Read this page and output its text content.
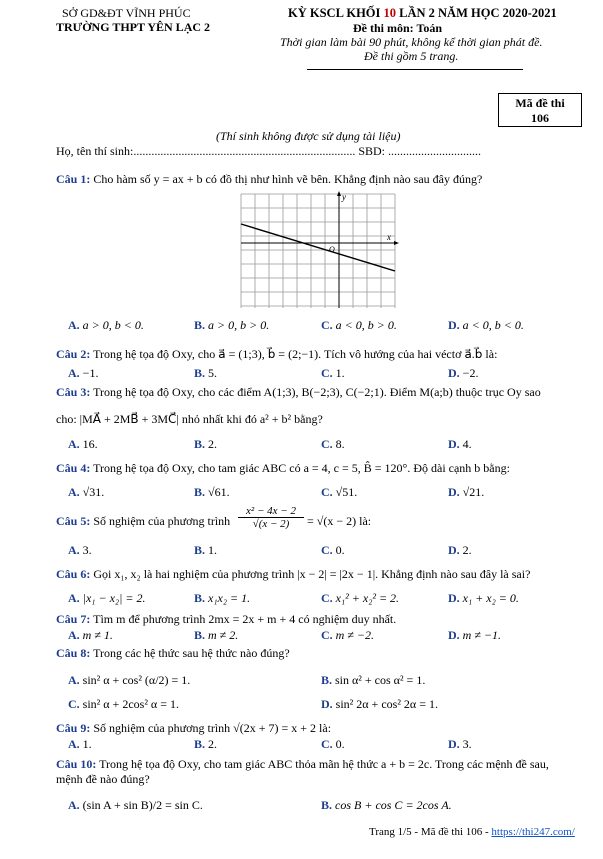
SỞ GD&ĐT VĨNH PHÚC
TRƯỜNG THPT YÊN LẠC 2
KỲ KSCL KHỐI 10 LẦN 2 NĂM HỌC 2020-2021
Đề thi môn: Toán
Thời gian làm bài 90 phút, không kể thời gian phát đề.
Đề thi gồm 5 trang.
Mã đề thi
106
(Thí sinh không được sử dụng tài liệu)
Họ, tên thí sinh:.......................................................................... SBD: ...............................
Câu 1: Cho hàm số y = ax + b có đồ thị như hình vẽ bên. Khẳng định nào sau đây đúng?
y
x
O
A. a > 0, b < 0.	B. a > 0, b > 0.	C. a < 0, b > 0.	D. a < 0, b < 0.
Câu 2: Trong hệ tọa độ Oxy, cho a⃗ = (1;3), b⃗ = (2;−1). Tích vô hướng của hai véctơ a⃗.b⃗ là:
A. −1.	B. 5.	C. 1.	D. −2.
Câu 3: Trong hệ tọa độ Oxy, cho các điểm A(1;3), B(−2;3), C(−2;1). Điểm M(a;b) thuộc trục Oy sao
cho: |MA⃗ + 2MB⃗ + 3MC⃗| nhỏ nhất khi đó a² + b² bằng?
A. 16.	B. 2.	C. 8.	D. 4.
Câu 4: Trong hệ tọa độ Oxy, cho tam giác ABC có a = 4, c = 5, B̂ = 120°. Độ dài cạnh b bằng:
A. √31.	B. √61.	C. √51.	D. √21.
Câu 5: Số nghiệm của phương trình $\frac{\text{x² − 4x − 2}}{√(x - 2)} = √(x - 2)$ là:
A. 3.	B. 1.	C. 0.	D. 2.
Câu 6: Gọi x₁, x₂ là hai nghiệm của phương trình |x − 2| = |2x − 1|. Khẳng định nào sau đây là sai?
A. |x₁ − x₂| = 2.	B. x₁x₂ = 1.	C. x₁² + x₂² = 2.	D. x₁ + x₂ = 0.
Câu 7: Tìm m để phương trình 2mx = 2x + m + 4 có nghiệm duy nhất.
A. m ≠ 1.	B. m ≠ 2.	C. m ≠ −2.	D. m ≠ −1.
Câu 8: Trong các hệ thức sau hệ thức nào đúng?
A. sin² α + cos² (α/2) = 1.	B. sin α² + cos α² = 1.
C. sin² α + 2cos² α = 1.	D. sin² 2α + cos² 2α = 1.
Câu 9: Số nghiệm của phương trình √(2x + 7) = x + 2 là:
A. 1.	B. 2.	C. 0.	D. 3.
Câu 10: Trong hệ tọa độ Oxy, cho tam giác ABC thỏa mãn hệ thức a + b = 2c. Trong các mệnh đề sau,
mệnh đề nào đúng?
A. (sin A + sin B)/2 = sin C.	B. cos B + cos C = 2cos A.
Trang 1/5 - Mã đề thi 106 - https://thi247.com/
